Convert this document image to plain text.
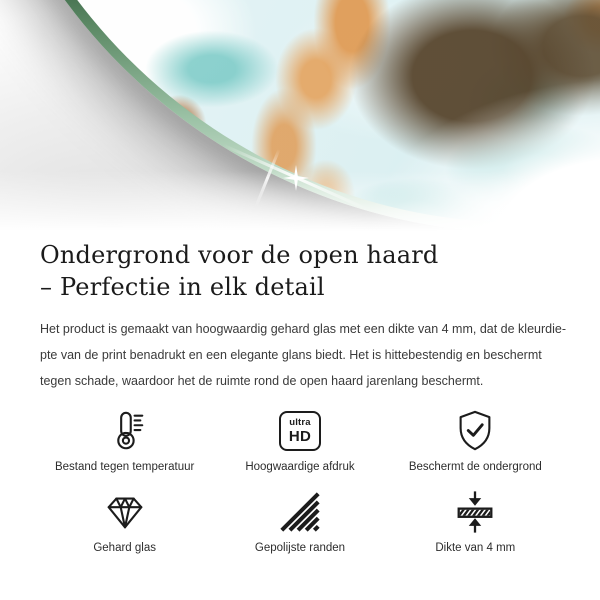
Ondergrond voor de open haard
– Perfectie in elk detail
Het product is gemaakt van hoogwaardig gehard glas met een dikte van 4 mm, dat de kleurdie-
pte van de print benadrukt en een elegante glans biedt. Het is hittebestendig en beschermt
tegen schade, waardoor het de ruimte rond de open haard jarenlang beschermt.
Bestand tegen temperatuur
ultra
HD
Hoogwaardige afdruk	Beschermt de ondergrond
Gehard glas	Gepolijste randen	Dikte van 4 mm
